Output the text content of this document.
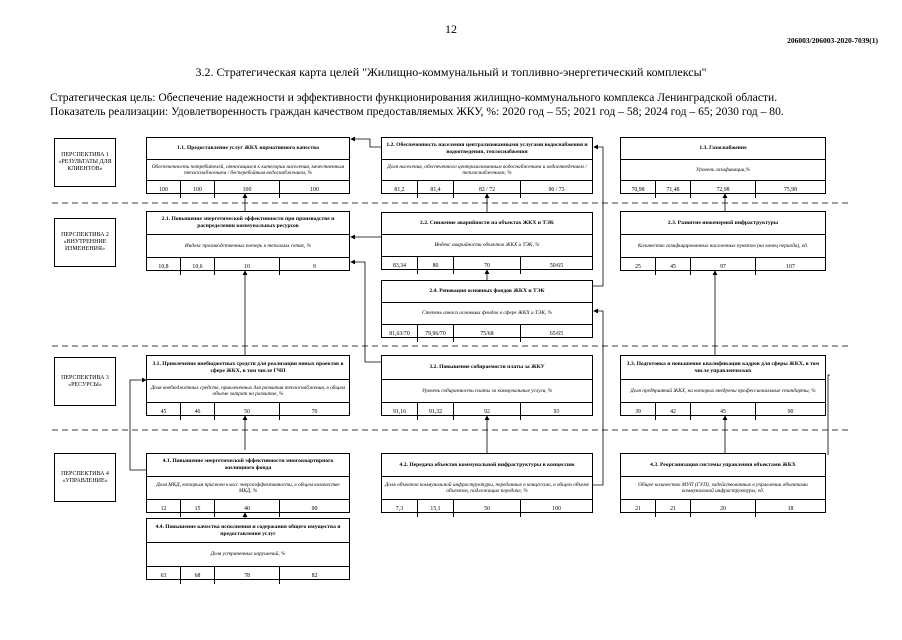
12
206003/206003-2020-7039(1)
3.2. Стратегическая карта целей "Жилищно-коммунальный и топливно-энергетический комплексы"
Стратегическая цель: Обеспечение надежности и эффективности функционирования жилищно-коммунального комплекса Ленинградской области.
Показатель реализации: Удовлетворенность граждан качеством предоставляемых ЖКУ, %: 2020 год – 55; 2021 год – 58; 2024 год – 65; 2030 год – 80.
ПЕРСПЕКТИВА 1 «РЕЗУЛЬТАТЫ ДЛЯ КЛИЕНТОВ»
ПЕРСПЕКТИВА 2 «ВНУТРЕННИЕ ИЗМЕНЕНИЯ»
ПЕРСПЕКТИВА 3 «РЕСУРСЫ»
ПЕРСПЕКТИВА 4 «УПРАВЛЕНИЕ»
1.1. Предоставление услуг ЖКХ нормативного качества
Обеспеченность потребителей, относящихся к категории населения, качественным теплоснабжением / бесперебойным водоснабжением, %
100	100	100	100
1.2. Обеспеченность населения централизованными услугами водоснабжения и водоотведения, теплоснабжения
Доля населения, обеспеченного централизованным водоснабжением и водоотведением / теплоснабжением, %
81,2	81,4	82 / 72	90 / 73
1.3. Газоснабжение
Уровень газификации,%
70,98	71,48	72,98	75,98
2.1. Повышение энергетической эффективности при производстве и распределении коммунальных ресурсов
Индекс производственных потерь в тепловых сетях, %
10,8	10,6	10	9
2.2. Снижение аварийности на объектах ЖКХ и ТЭК
Индекс аварийности объектов ЖКХ и ТЭК, %
83,34	80	70	50/65
2.3. Развитие инженерной инфраструктуры
Количество газифицированных населенных пунктов (на конец периода), ед.
25	45	97	107
2.4. Реновация основных фондов ЖКХ и ТЭК
Степень износа основных фондов в сфере ЖКХ и ТЭК, %
81,63/70	79,96/70	75/68	65/65
3.1. Привлечение внебюджетных средств для реализации новых проектов в сфере ЖКХ, в том числе ГЧП
Доля внебюджетных средств, привлеченных для развития теплоснабжения, в общем объеме затрат на развитие, %
45	46	50	70
3.2. Повышение собираемости платы за ЖКУ
Уровень собираемости платы за коммунальные услуги, %
91,16	91,32	92	93
3.3. Подготовка и повышение квалификации кадров для сферы ЖКХ, в том числе управленческих
Доля предприятий ЖКХ, на которых внедрены профессиональные стандарты, %
39	42	45	90
4.1. Повышение энергетической эффективности многоквартирного жилищного фонда
Доля МКД, которым присвоен класс энергоэффективности, в общем количестве МКД, %
12	15	40	90
4.2. Передача объектов коммунальной инфраструктуры в концессию
Доля объектов коммунальной инфраструктуры, переданных в концессию, в общем объеме объектов, подлежащих передаче, %
7,3	15,1	50	100
4.3. Реорганизация системы управления объектами ЖКХ
Общее количество МУП (ГУП), задействованных в управлении объектами коммунальной инфраструктуры, ед.
21	21	20	18
4.4. Повышение качества исполнения и содержания общего имущества и предоставления услуг
Доля устраненных нарушений, %
63	68	78	82
